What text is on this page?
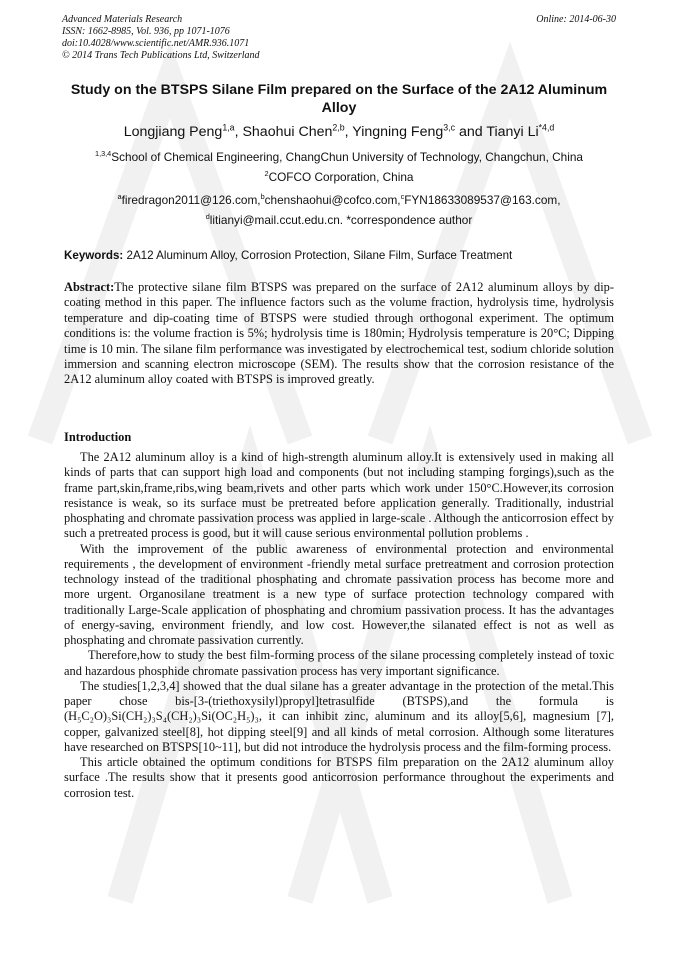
Advanced Materials Research
ISSN: 1662-8985, Vol. 936, pp 1071-1076
doi:10.4028/www.scientific.net/AMR.936.1071
© 2014 Trans Tech Publications Ltd, Switzerland
Online: 2014-06-30
Study on the BTSPS Silane Film prepared on the Surface of the 2A12 Aluminum Alloy
Longjiang Peng$^{1,a}$, Shaohui Chen$^{2,b}$, Yingning Feng$^{3,c}$ and Tianyi Li$^{*4,d}$
$^{1,3,4}$School of Chemical Engineering, ChangChun University of Technology, Changchun, China
$^2$COFCO Corporation, China
$^a$firedragon2011@126.com,$^b$chenshaohui@cofco.com,$^c$FYN18633089537@163.com,
$^d$litianyi@mail.ccut.edu.cn. *correspondence author
Keywords: 2A12 Aluminum Alloy, Corrosion Protection, Silane Film, Surface Treatment
Abstract:The protective silane film BTSPS was prepared on the surface of 2A12 aluminum alloys by dip-coating method in this paper. The influence factors such as the volume fraction, hydrolysis time, hydrolysis temperature and dip-coating time of BTSPS were studied through orthogonal experiment. The optimum conditions is: the volume fraction is 5%; hydrolysis time is 180min; Hydrolysis temperature is 20°C; Dipping time is 10 min. The silane film performance was investigated by electrochemical test, sodium chloride solution immersion and scanning electron microscope (SEM). The results show that the corrosion resistance of the 2A12 aluminum alloy coated with BTSPS is improved greatly.
Introduction

The 2A12 aluminum alloy is a kind of high-strength aluminum alloy.It is extensively used in making all kinds of parts that can support high load and components (but not including stamping forgings),such as the frame part,skin,frame,ribs,wing beam,rivets and other parts which work under 150°C.However,its corrosion resistance is weak, so its surface must be pretreated before application generally. Traditionally, industrial phosphating and chromate passivation process was applied in large-scale . Although the anticorrosion effect by such a pretreated process is good, but it will cause serious environmental pollution problems .

With the improvement of the public awareness of environmental protection and environmental requirements , the development of environment -friendly metal surface pretreatment and corrosion protection technology instead of the traditional phosphating and chromate passivation process has become more and more urgent. Organosilane treatment is a new type of surface protection technology compared with traditionally Large-Scale application of phosphating and chromium passivation process. It has the advantages of energy-saving, environment friendly, and low cost. However,the silanated effect is not as well as phosphating and chromate passivation currently.

Therefore,how to study the best film-forming process of the silane processing completely instead of toxic and hazardous phosphide chromate passivation process has very important significance.

The studies[1,2,3,4] showed that the dual silane has a greater advantage in the protection of the metal.This paper chose bis-[3-(triethoxysilyl)propyl]tetrasulfide (BTSPS),and the formula is (H₅C₂O)₃Si(CH₂)₃S₄(CH₂)₃Si(OC₂H₅)₃, it can inhibit zinc, aluminum and its alloy[5,6], magnesium [7], copper, galvanized steel[8], hot dipping steel[9] and all kinds of metal corrosion. Although some literatures have researched on BTSPS[10~11], but did not introduce the hydrolysis process and the film-forming process.

This article obtained the optimum conditions for BTSPS film preparation on the 2A12 aluminum alloy surface .The results show that it presents good anticorrosion performance throughout the experiments and corrosion test.
